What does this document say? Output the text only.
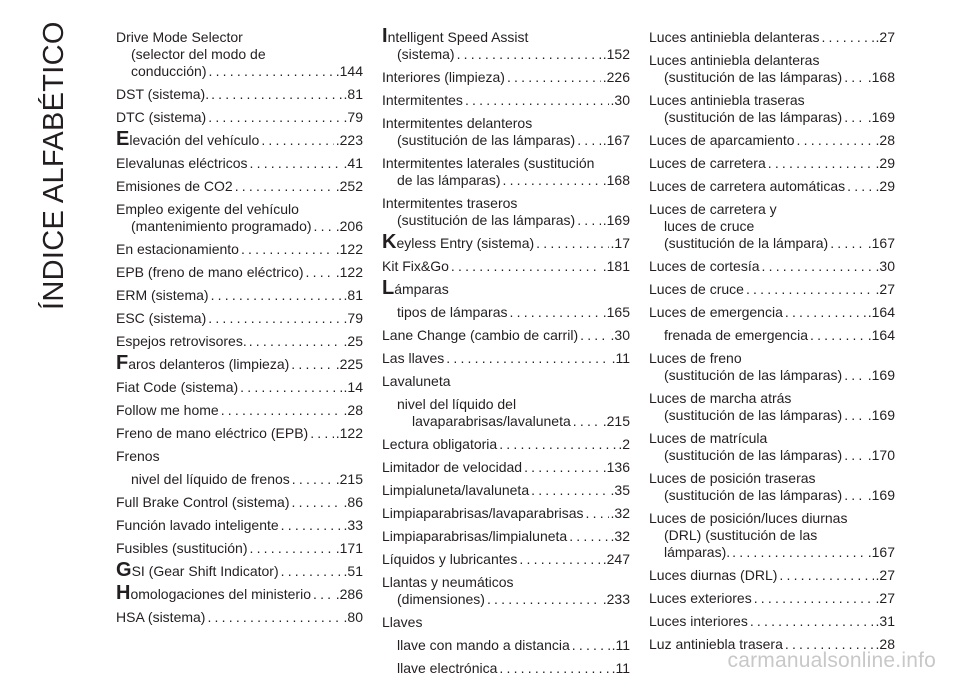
ÍNDICE ALFABÉTICO	Drive Mode Selector
(selector del modo de
conducción) .....	.144
DST (sistema). .....	.81
DTC (sistema) .....	.79
Elevación del vehículo .....	.223
Elevalunas eléctricos .....	.41
Emisiones de CO2 .....	.252
Empleo exigente del vehículo
(mantenimiento programado) ..... .206
En estacionamiento .....	.122
EPB (freno de mano eléctrico) ..... .122
ERM (sistema) .....	.81
ESC (sistema) .....	.79
Espejos retrovisores. .....	.25
Faros delanteros (limpieza) .....	.225
Fiat Code (sistema) .....	.14
Follow me home .....	.28
Freno de mano eléctrico (EPB) ..... .122
Frenos
nivel del líquido de frenos .....	.215
Full Brake Control (sistema) .....	.86
Función lavado inteligente .....	.33
Fusibles (sustitución) .....	.171
GSI (Gear Shift Indicator) .....	.51
Homologaciones del ministerio ..... .286
HSA (sistema) .....	.80
Intelligent Speed Assist
(sistema) .....	.152
Interiores (limpieza) .....	.226
Intermitentes .....	.30
Intermitentes delanteros
(sustitución de las lámparas) ..... .167
Intermitentes laterales (sustitución
de las lámparas) .....	.168
Intermitentes traseros
(sustitución de las lámparas) ..... .169
Keyless Entry (sistema) .....	.17
Kit Fix&Go .....	.181
Lámparas
tipos de lámparas .....	.165
Lane Change (cambio de carril) ..... .30
Las llaves .....	.11
Lavaluneta
nivel del líquido del
lavaparabrisas/lavaluneta ..... .215
Lectura obligatoria .....	.2
Limitador de velocidad .....	.136
Limpialuneta/lavaluneta .....	.35
Limpiaparabrisas/lavaparabrisas ..... .32
Limpiaparabrisas/limpialuneta .....	.32
Líquidos y lubricantes .....	.247
Llantas y neumáticos
(dimensiones) .....	.233
Llaves
llave con mando a distancia .....	.11
llave electrónica .....	.11
Luces antiniebla delanteras .....	.27
Luces antiniebla delanteras
(sustitución de las lámparas) ..... .168
Luces antiniebla traseras
(sustitución de las lámparas) ..... .169
Luces de aparcamiento .....	.28
Luces de carretera .....	.29
Luces de carretera automáticas ..... .29
Luces de carretera y
luces de cruce
(sustitución de la lámpara) .....	.167
Luces de cortesía .....	.30
Luces de cruce .....	.27
Luces de emergencia .....	.164
frenada de emergencia .....	.164
Luces de freno
(sustitución de las lámparas) ..... .169
Luces de marcha atrás
(sustitución de las lámparas) ..... .169
Luces de matrícula
(sustitución de las lámparas) ..... .170
Luces de posición traseras
(sustitución de las lámparas) ..... .169
Luces de posición/luces diurnas
(DRL) (sustitución de las
lámparas). .....	.167
Luces diurnas (DRL) .....	.27
Luces exteriores .....	.27
Luces interiores .....	.31
Luz antiniebla trasera .....	.28
carmanualsonline.info
